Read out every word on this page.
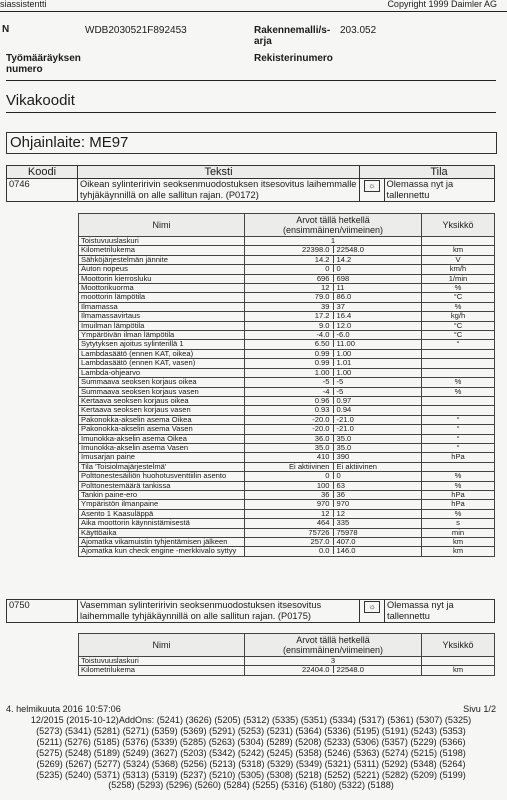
siassistentti	Copyright 1999 Daimler AG
N	WDB2030521F892453	Rakennemalli/s-arja
203.052
Työmääräyksen numero
Rekisterinumero
Vikakoodit
Ohjainlaite: ME97
Koodi	Teksti		Tila
0746	Oikean sylinteririvin seoksenmuodostuksen itsesovitus laihemmalle tyhjäkäynnillä on alle sallitun rajan. (P0172)	☼	Olemassa nyt ja tallennettu
Nimi	Arvot tällä hetkellä (ensimmäinen/viimeinen)	Yksikkö
Toistuvuuslaskuri	1	
Kilometrilukema	22398.0 22548.0	km
Sähköjärjestelmän jännite	14.2 14.2	V
Auton nopeus	0 0	km/h
Moottorin kierrosluku	696 698	1/min
Moottorikuorma	12 11	%
moottorin lämpötila	79.0 86.0	°C
Ilmamassa	39 37	%
Ilmamassavirtaus	17.2 16.4	kg/h
Imuilman lämpötila	9.0 12.0	°C
Ympäröivän ilman lämpötila	-4.0 -6.0	°C
Sytytyksen ajoitus sylinterillä 1	6.50 11.00	°
Lambdasäätö (ennen KAT, oikea)	0.99 1.00	

Lambdasäätö (ennen KAT, vasen)	0.99 1.01	

Lambda-ohjearvo	1.00 1.00	

Summaava seoksen korjaus oikea	-5 -5	%
Summaava seoksen korjaus vasen	-4 -5	%
Kertaava seoksen korjaus oikea	0.96 0.97	

Kertaava seoksen korjaus vasen	0.93 0.94	

Pakonokka-akselin asema Oikea	-20.0 -21.0	°
Pakonokka-akselin asema Vasen	-20.0 -21.0	°
Imunokka-akselin asema Oikea	36.0 35.0	°
Imunokka-akselin asema Vasen	35.0 35.0	°
Imusarjan paine	410 390	hPa
Tila 'Toisiolmajärjestelmä'	Ei aktiivinen Ei aktiivinen	

Polttonestesäiliön huohotusventtiilin asento	0 0	%
Polttonestemäärä tankissa	100 63	%
Tankin paine-ero	36 36	hPa
Ympäristön ilmanpaine	970 970	hPa
Asento 1 Kaasuläppä	12 12	%
Aika moottorin käynnistämisestä	464 335	s
Käyttöaika	75726 75978	min
Ajomatka vikamuistin tyhjentämisen jälkeen	257.0 407.0	km
Ajomatka kun check engine -merkkivalo syttyy	0.0 146.0	km
0750	Vasemman sylinteririvin seoksenmuodostuksen itsesovitus laihemmalle tyhjäkäynnillä on alle sallitun rajan. (P0175)	☼	Olemassa nyt ja tallennettu
Nimi	Arvot tällä hetkellä (ensimmäinen/viimeinen)	Yksikkö
Toistuvuuslaskuri	3	
Kilometrilukema	22404.0 22548.0	km
4. helmikuuta 2016 10:57:06	Sivu 1/2
12/2015 (2015-10-12)AddOns: (5241) (3626) (5205) (5312) (5335) (5351) (5334) (5317) (5361) (5307) (5325)
(5273) (5341) (5281) (5271) (5359) (5369) (5291) (5253) (5231) (5364) (5336) (5195) (5191) (5243) (5353)
(5211) (5276) (5185) (5376) (5339) (5285) (5263) (5304) (5289) (5208) (5233) (5306) (5357) (5229) (5366)
(5275) (5248) (5189) (5249) (3627) (5203) (5342) (5242) (5245) (5358) (5246) (5363) (5274) (5215) (5198)
(5269) (5267) (5277) (5324) (5368) (5256) (5213) (5318) (5329) (5349) (5321) (5311) (5292) (5348) (5264)
(5235) (5240) (5371) (5313) (5319) (5237) (5210) (5305) (5308) (5218) (5252) (5221) (5282) (5209) (5199)
(5258) (5293) (5296) (5260) (5284) (5255) (5316) (5180) (5322) (5188)
